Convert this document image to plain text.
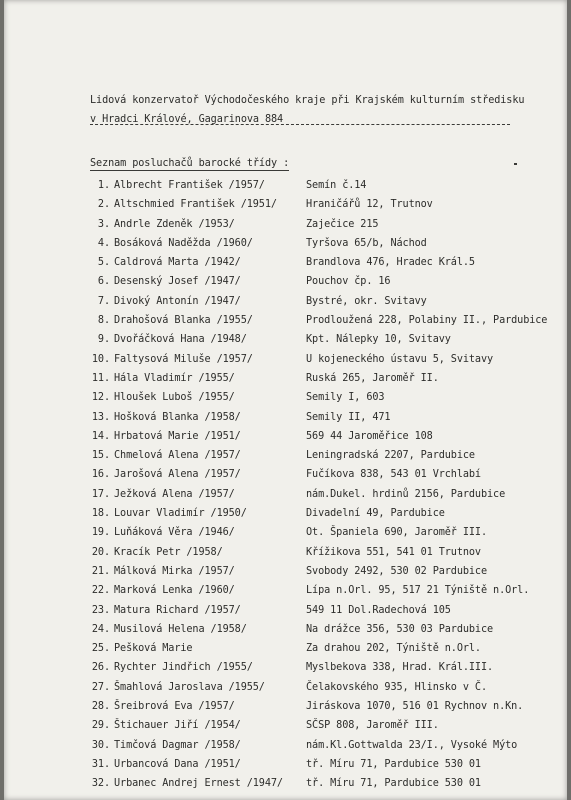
Lidová konzervatoř Východočeského kraje při Krajském kulturním středisku
v Hradci Králové, Gagarinova 884
Seznam posluchačů barocké třídy :
1. Albrecht František /1957/	Semín č.14
2. Altschmied František /1951/	Hraničářů 12, Trutnov
3. Andrle Zdeněk /1953/	Zaječice 215
4. Bosáková Naděžda /1960/	Tyršova 65/b, Náchod
5. Caldrová Marta /1942/	Brandlova 476, Hradec Král.5
6. Desenský Josef /1947/	Pouchov čp. 16
7. Divoký Antonín /1947/	Bystré, okr. Svitavy
8. Drahošová Blanka /1955/	Prodloužená 228, Polabiny II., Pardubice
9. Dvořáčková Hana /1948/	Kpt. Nálepky 10, Svitavy
10. Faltysová Miluše /1957/	U kojeneckého ústavu 5, Svitavy
11. Hála Vladimír /1955/	Ruská 265, Jaroměř II.
12. Hloušek Luboš /1955/	Semily I, 603
13. Hošková Blanka /1958/	Semily II, 471
14. Hrbatová Marie /1951/	569 44 Jaroměřice 108
15. Chmelová Alena /1957/	Leningradská 2207, Pardubice
16. Jarošová Alena /1957/	Fučíkova 838, 543 01 Vrchlabí
17. Ježková Alena /1957/	nám.Dukel. hrdinů 2156, Pardubice
18. Louvar Vladimír /1950/	Divadelní 49, Pardubice
19. Luňáková Věra /1946/	Ot. Španiela 690, Jaroměř III.
20. Kracík Petr /1958/	Křížikova 551, 541 01 Trutnov
21. Málková Mirka /1957/	Svobody 2492, 530 02 Pardubice
22. Marková Lenka /1960/	Lípa n.Orl. 95, 517 21 Týniště n.Orl.
23. Matura Richard /1957/	549 11 Dol.Radechová 105
24. Musilová Helena /1958/	Na drážce 356, 530 03 Pardubice
25. Pešková Marie	Za drahou 202, Týniště n.Orl.
26. Rychter Jindřich /1955/	Myslbekova 338, Hrad. Král.III.
27. Šmahlová Jaroslava /1955/	Čelakovského 935, Hlinsko v Č.
28. Šreibrová Eva /1957/	Jiráskova 1070, 516 01 Rychnov n.Kn.
29. Štichauer Jiří /1954/	SČSP 808, Jaroměř III.
30. Timčová Dagmar /1958/	nám.Kl.Gottwalda 23/I., Vysoké Mýto
31. Urbancová Dana /1951/	tř. Míru 71, Pardubice 530 01
32. Urbanec Andrej Ernest /1947/ tř. Míru 71, Pardubice 530 01
